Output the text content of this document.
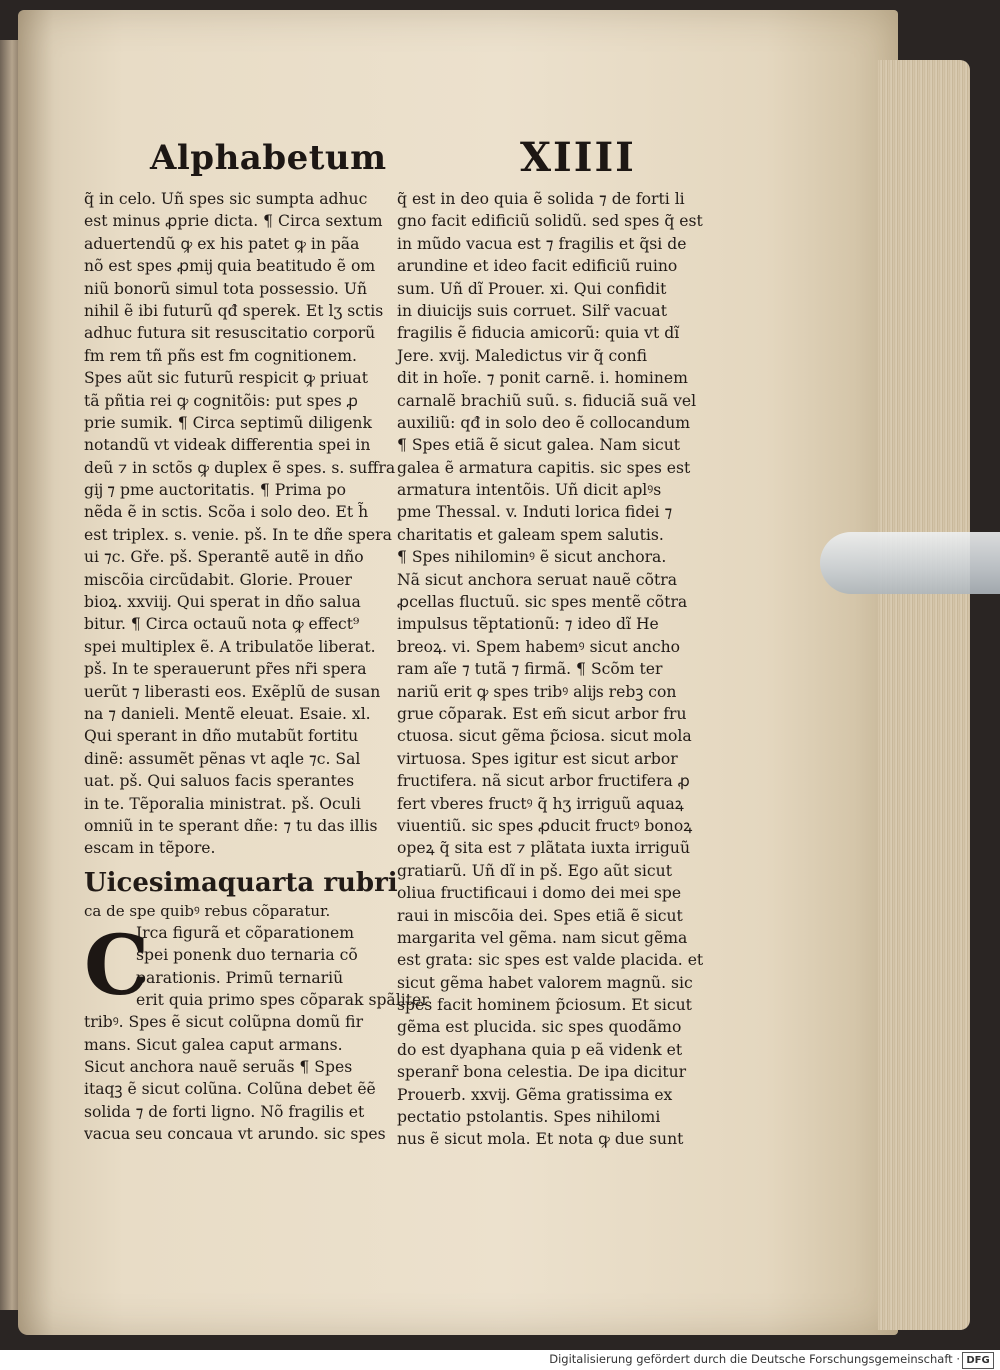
Alphabetum	XIIII
q̃ in celo. Uñ spes sic sumpta adhuc
est minus ꝓprie dicta. ¶ Circa sextum
aduertendũ ꝙ ex his patet ꝙ in pãa
nõ est spes ꝓmĳ quia beatitudo ẽ om
niũ bonorũ simul tota possessio. Uñ
nihil ẽ ibi futurũ qđ sperek. Et lʒ sctis
adhuc futura sit resuscitatio corporũ
fm rem tñ pñs est fm cognitionem.
Spes aũt sic futurũ respicit ꝙ priuat
tã pñtia rei ꝙ cognitõis: put spes ꝓ
prie sumik. ¶ Circa septimũ diligenk
notandũ vt videak differentia spei in
deũ ⁊ in sctõs ꝙ duplex ẽ spes. s. suffra
gĳ ⁊ pme auctoritatis. ¶ Prima po
nẽda ẽ in sctis. Scõa i solo deo. Et h̃
est triplex. s. venie. pš. In te dñe spera
ui ⁊c. Gře. pš. Sperantẽ autẽ in dño
miscõia circũdabit. Glorie. Prouer
bioꝝ. xxviĳ. Qui sperat in dño salua
bitur. ¶ Circa octauũ nota ꝙ effect⁹
spei multiplex ẽ. A tribulatõe liberat.
pš. In te sperauerunt pr̃es nr̃i spera
uerũt ⁊ liberasti eos. Exẽplũ de susan
na ⁊ danieli. Mentẽ eleuat. Esaie. xl.
Qui sperant in dño mutabũt fortitu
dinẽ: assumẽt pẽnas vt aqle ⁊c. Sal
uat. pš. Qui saluos facis sperantes
in te. Tẽporalia ministrat. pš. Oculi
omniũ in te sperant dñe: ⁊ tu das illis
escam in tẽpore.
Uicesimaquarta rubri
ca de spe quibꝰ rebus cõparatur.
C
Irca figurã et cõparationem
spei ponenk duo ternaria cõ
parationis. Primũ ternariũ
erit quia primo spes cõparak spãliter
tribꝰ. Spes ẽ sicut colũpna domũ fir
mans. Sicut galea caput armans.
Sicut anchora nauẽ seruãs ¶ Spes
itaqꝫ ẽ sicut colũna. Colũna debet ẽẽ
solida ⁊ de forti ligno. Nõ fragilis et
vacua seu concaua vt arundo. sic spes
q̃ est in deo quia ẽ solida ⁊ de forti li
gno facit edificiũ solidũ. sed spes q̃ est
in mũdo vacua est ⁊ fragilis et q̃si de
arundine et ideo facit edificiũ ruino
sum. Uñ dĩ Prouer. xi. Qui confidit
in diuicĳs suis corruet. Silr̃ vacuat
fragilis ẽ fiducia amicorũ: quia vt dĩ
Jere. xvĳ. Maledictus vir q̃ confi
dit in hoĩe. ⁊ ponit carnẽ. i. hominem
carnalẽ brachiũ suũ. s. fiduciã suã vel
auxiliũ: qđ in solo deo ẽ collocandum
¶ Spes etiã ẽ sicut galea. Nam sicut
galea ẽ armatura capitis. sic spes est
armatura intentõis. Uñ dicit aplꝰs
pme Thessal. v. Induti lorica fidei ⁊
charitatis et galeam spem salutis.
¶ Spes nihilominꝰ ẽ sicut anchora.
Nã sicut anchora seruat nauẽ cõtra
ꝓcellas fluctuũ. sic spes mentẽ cõtra
impulsus tẽptationũ: ⁊ ideo dĩ He
breoꝝ. vi. Spem habemꝰ sicut ancho
ram aĩe ⁊ tutã ⁊ firmã. ¶ Scõm ter
nariũ erit ꝙ spes tribꝰ alĳs rebꝫ con
grue cõparak. Est em̃ sicut arbor fru
ctuosa. sicut gẽma p̃ciosa. sicut mola
virtuosa. Spes igitur est sicut arbor
fructifera. nã sicut arbor fructifera ꝓ
fert vberes fructꝰ q̃ hʒ irriguũ aquaꝝ
viuentiũ. sic spes ꝓducit fructꝰ bonoꝝ
opeꝝ q̃ sita est ⁊ plãtata iuxta irriguũ
gratiarũ. Uñ dĩ in pš. Ego aũt sicut
oliua fructificaui i domo dei mei spe
raui in miscõia dei. Spes etiã ẽ sicut
margarita vel gẽma. nam sicut gẽma
est grata: sic spes est valde placida. et
sicut gẽma habet valorem magnũ. sic
spes facit hominem p̃ciosum. Et sicut
gẽma est plucida. sic spes quodãmo
do est dyaphana quia p eã videnk et
speranr̃ bona celestia. De ipa dicitur
Prouerb. xxvĳ. Gẽma gratissima ex
pectatio pstolantis. Spes nihilomi
nus ẽ sicut mola. Et nota ꝙ due sunt
Digitalisierung gefördert durch die Deutsche Forschungsgemeinschaft · DFG
